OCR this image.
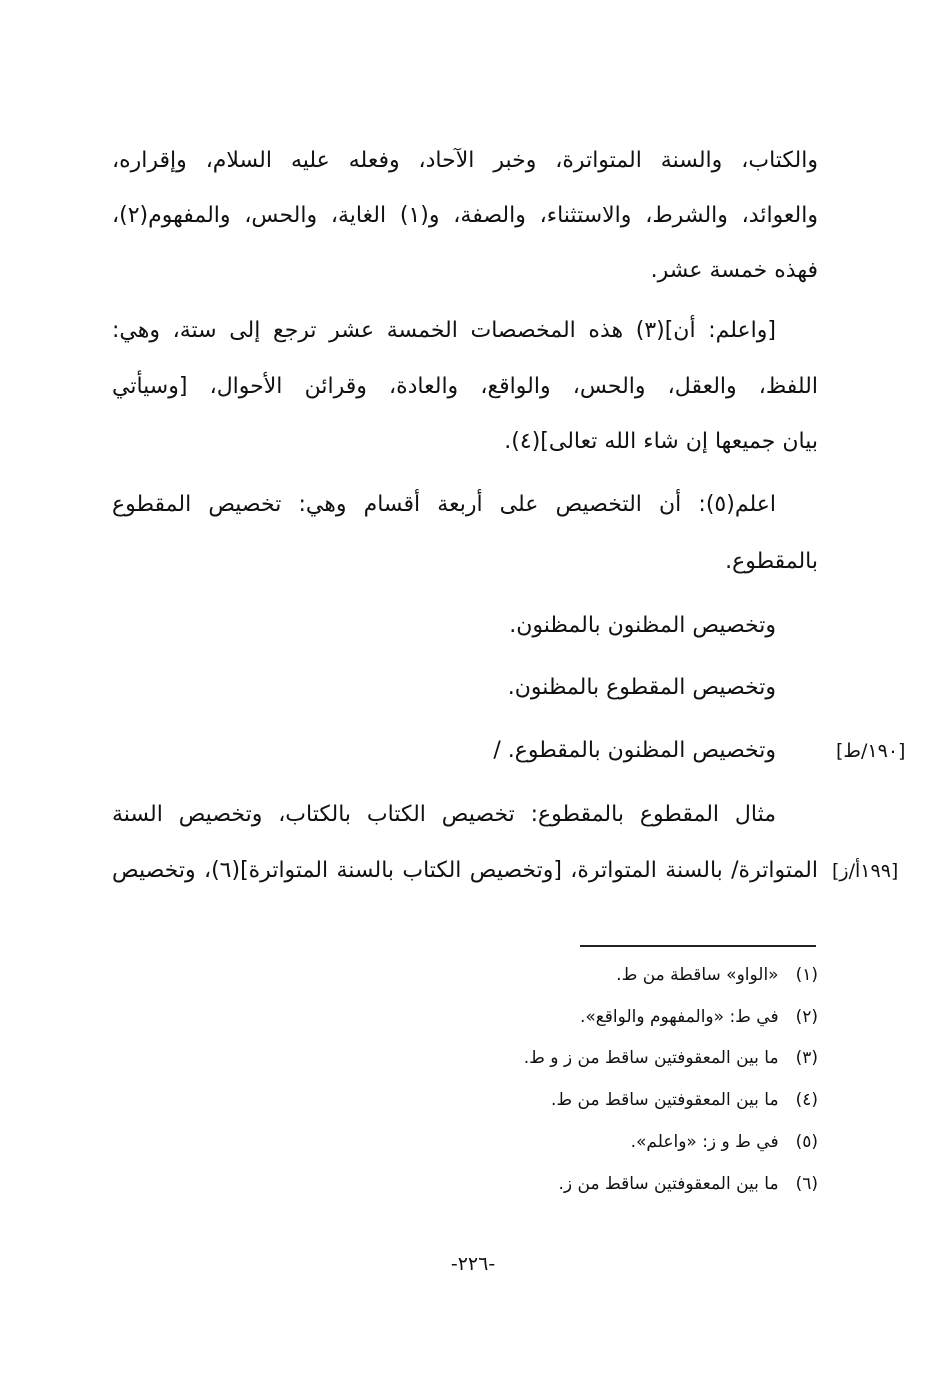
والكتاب، والسنة المتواترة، وخبر الآحاد، وفعله عليه السلام، وإقراره،
والعوائد، والشرط، والاستثناء، والصفة، و(١) الغاية، والحس، والمفهوم(٢)،
فهذه خمسة عشر.
[واعلم: أن](٣) هذه المخصصات الخمسة عشر ترجع إلى ستة، وهي:
اللفظ، والعقل، والحس، والواقع، والعادة، وقرائن الأحوال، [وسيأتي
بيان جميعها إن شاء الله تعالى](٤).
اعلم(٥): أن التخصيص على أربعة أقسام وهي: تخصيص المقطوع
بالمقطوع.
وتخصيص المظنون بالمظنون.
وتخصيص المقطوع بالمظنون.
وتخصيص المظنون بالمقطوع. /	[١٩٠/ط]
مثال المقطوع بالمقطوع: تخصيص الكتاب بالكتاب، وتخصيص السنة
المتواترة/ بالسنة المتواترة، [وتخصيص الكتاب بالسنة المتواترة](٦)، وتخصيص [١٩٩أ/ز]
(١) «الواو» ساقطة من ط.
(٢) في ط: «والمفهوم والواقع».
(٣) ما بين المعقوفتين ساقط من ز و ط.
(٤) ما بين المعقوفتين ساقط من ط.
(٥) في ط و ز: «واعلم».
(٦) ما بين المعقوفتين ساقط من ز.
-٢٢٦-
